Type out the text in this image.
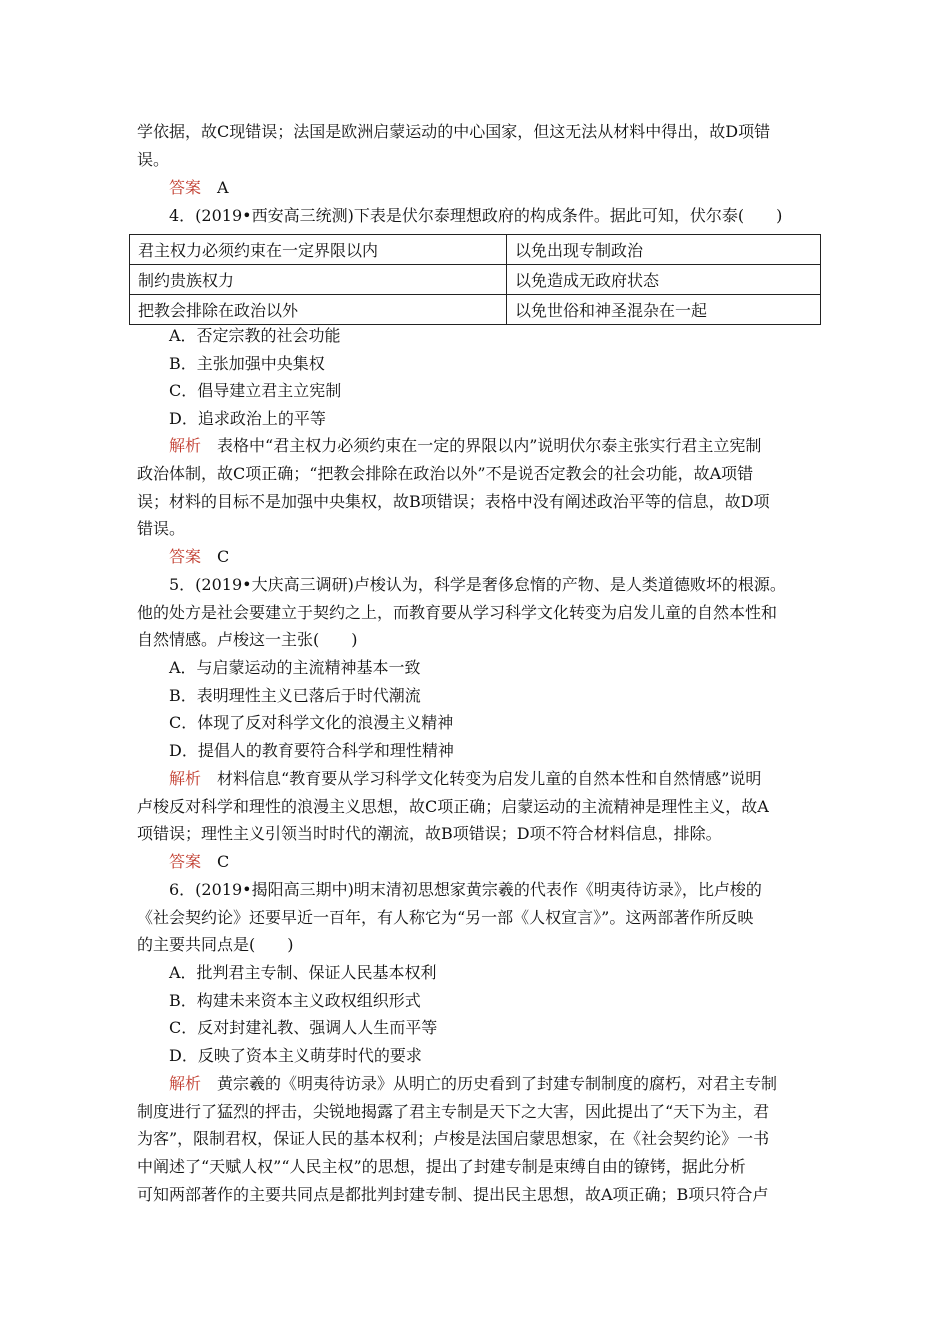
学依据，故C现错误；法国是欧洲启蒙运动的中心国家，但这无法从材料中得出，故D项错
误。
答案 A
4．(2019•西安高三统测)下表是伏尔泰理想政府的构成条件。据此可知，伏尔泰(　　)
君主权力必须约束在一定界限以内	以免出现专制政治
制约贵族权力	以免造成无政府状态
把教会排除在政治以外	以免世俗和神圣混杂在一起
A．否定宗教的社会功能
B．主张加强中央集权
C．倡导建立君主立宪制
D．追求政治上的平等
解析 表格中“君主权力必须约束在一定的界限以内”说明伏尔泰主张实行君主立宪制
政治体制，故C项正确；“把教会排除在政治以外”不是说否定教会的社会功能，故A项错
误；材料的目标不是加强中央集权，故B项错误；表格中没有阐述政治平等的信息，故D项
错误。
答案 C
5．(2019•大庆高三调研)卢梭认为，科学是奢侈怠惰的产物、是人类道德败坏的根源。
他的处方是社会要建立于契约之上，而教育要从学习科学文化转变为启发儿童的自然本性和
自然情感。卢梭这一主张(　　)
A．与启蒙运动的主流精神基本一致
B．表明理性主义已落后于时代潮流
C．体现了反对科学文化的浪漫主义精神
D．提倡人的教育要符合科学和理性精神
解析 材料信息“教育要从学习科学文化转变为启发儿童的自然本性和自然情感”说明
卢梭反对科学和理性的浪漫主义思想，故C项正确；启蒙运动的主流精神是理性主义，故A
项错误；理性主义引领当时时代的潮流，故B项错误；D项不符合材料信息，排除。
答案 C
6．(2019•揭阳高三期中)明末清初思想家黄宗羲的代表作《明夷待访录》，比卢梭的
《社会契约论》还要早近一百年，有人称它为“另一部《人权宣言》”。这两部著作所反映
的主要共同点是(　　)
A．批判君主专制、保证人民基本权利
B．构建未来资本主义政权组织形式
C．反对封建礼教、强调人人生而平等
D．反映了资本主义萌芽时代的要求
解析 黄宗羲的《明夷待访录》从明亡的历史看到了封建专制制度的腐朽，对君主专制
制度进行了猛烈的抨击，尖锐地揭露了君主专制是天下之大害，因此提出了“天下为主，君
为客”，限制君权，保证人民的基本权利；卢梭是法国启蒙思想家，在《社会契约论》一书
中阐述了“天赋人权”“人民主权”的思想，提出了封建专制是束缚自由的镣铐，据此分析
可知两部著作的主要共同点是都批判封建专制、提出民主思想，故A项正确；B项只符合卢
